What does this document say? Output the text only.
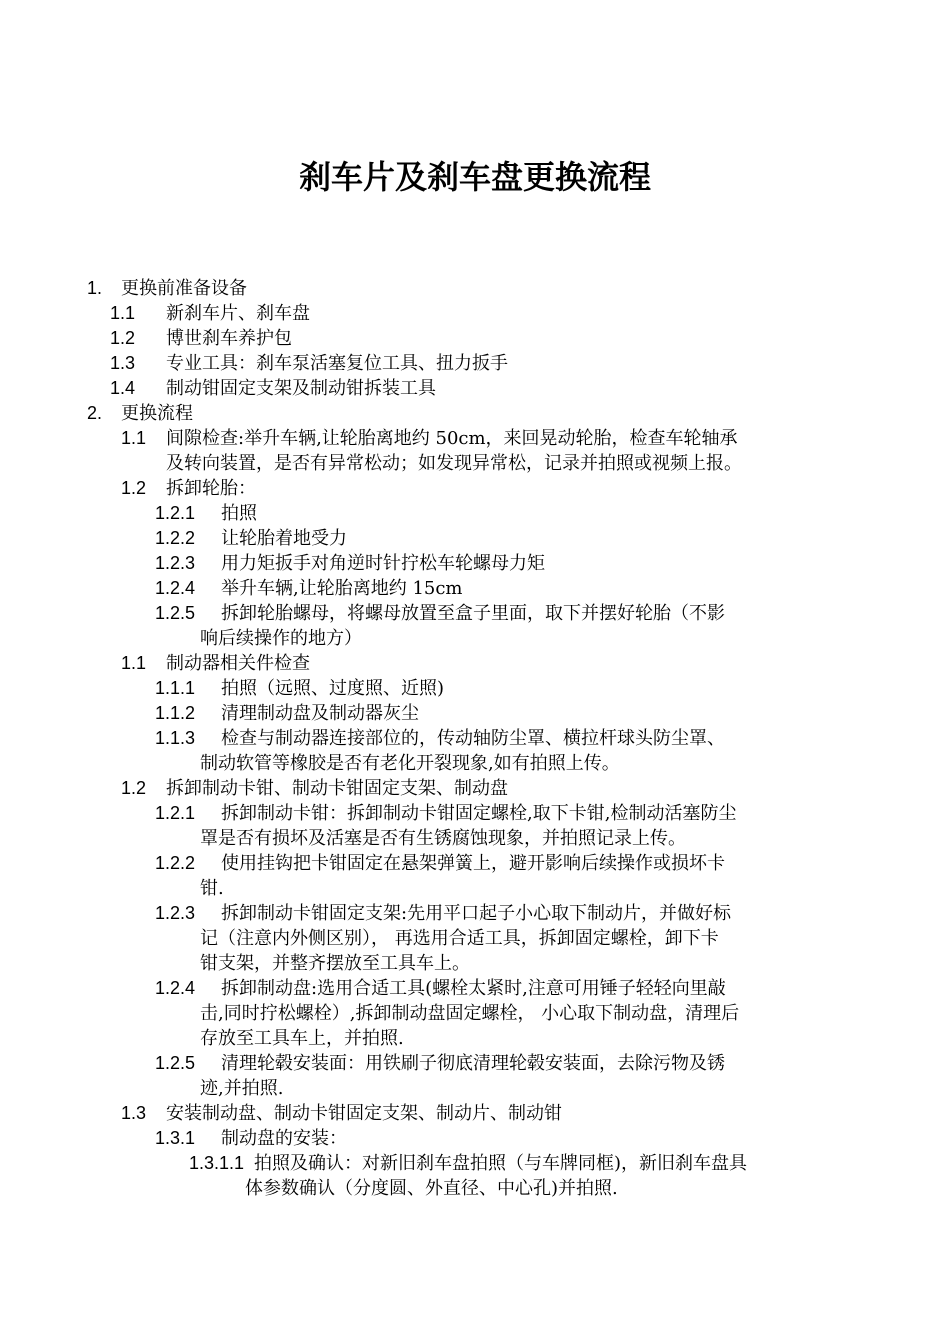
刹车片及刹车盘更换流程
1. 更换前准备设备
1.1 新刹车片、刹车盘
1.2 博世刹车养护包
1.3 专业工具：刹车泵活塞复位工具、扭力扳手
1.4 制动钳固定支架及制动钳拆装工具
2. 更换流程
1.1 间隙检查:举升车辆,让轮胎离地约 50cm，来回晃动轮胎，检查车轮轴承
及转向装置，是否有异常松动；如发现异常松，记录并拍照或视频上报。
1.2 拆卸轮胎：
1.2.1 拍照
1.2.2 让轮胎着地受力
1.2.3 用力矩扳手对角逆时针拧松车轮螺母力矩
1.2.4 举升车辆,让轮胎离地约 15cm
1.2.5 拆卸轮胎螺母，将螺母放置至盒子里面，取下并摆好轮胎（不影
响后续操作的地方）
1.1 制动器相关件检查
1.1.1 拍照（远照、过度照、近照)
1.1.2 清理制动盘及制动器灰尘
1.1.3 检查与制动器连接部位的，传动轴防尘罩、横拉杆球头防尘罩、
制动软管等橡胶是否有老化开裂现象,如有拍照上传。
1.2 拆卸制动卡钳、制动卡钳固定支架、制动盘
1.2.1 拆卸制动卡钳：拆卸制动卡钳固定螺栓,取下卡钳,检制动活塞防尘
罩是否有损坏及活塞是否有生锈腐蚀现象，并拍照记录上传。
1.2.2 使用挂钩把卡钳固定在悬架弹簧上，避开影响后续操作或损坏卡
钳.
1.2.3 拆卸制动卡钳固定支架:先用平口起子小心取下制动片，并做好标
记（注意内外侧区别）， 再选用合适工具，拆卸固定螺栓，卸下卡
钳支架，并整齐摆放至工具车上。
1.2.4 拆卸制动盘:选用合适工具(螺栓太紧时,注意可用锤子轻轻向里敲
击,同时拧松螺栓）,拆卸制动盘固定螺栓， 小心取下制动盘，清理后
存放至工具车上，并拍照.
1.2.5 清理轮毂安装面：用铁刷子彻底清理轮毂安装面，去除污物及锈
迹,并拍照.
1.3 安装制动盘、制动卡钳固定支架、制动片、制动钳
1.3.1 制动盘的安装：
1.3.1.1 拍照及确认：对新旧刹车盘拍照（与车牌同框)，新旧刹车盘具
体参数确认（分度圆、外直径、中心孔)并拍照.
